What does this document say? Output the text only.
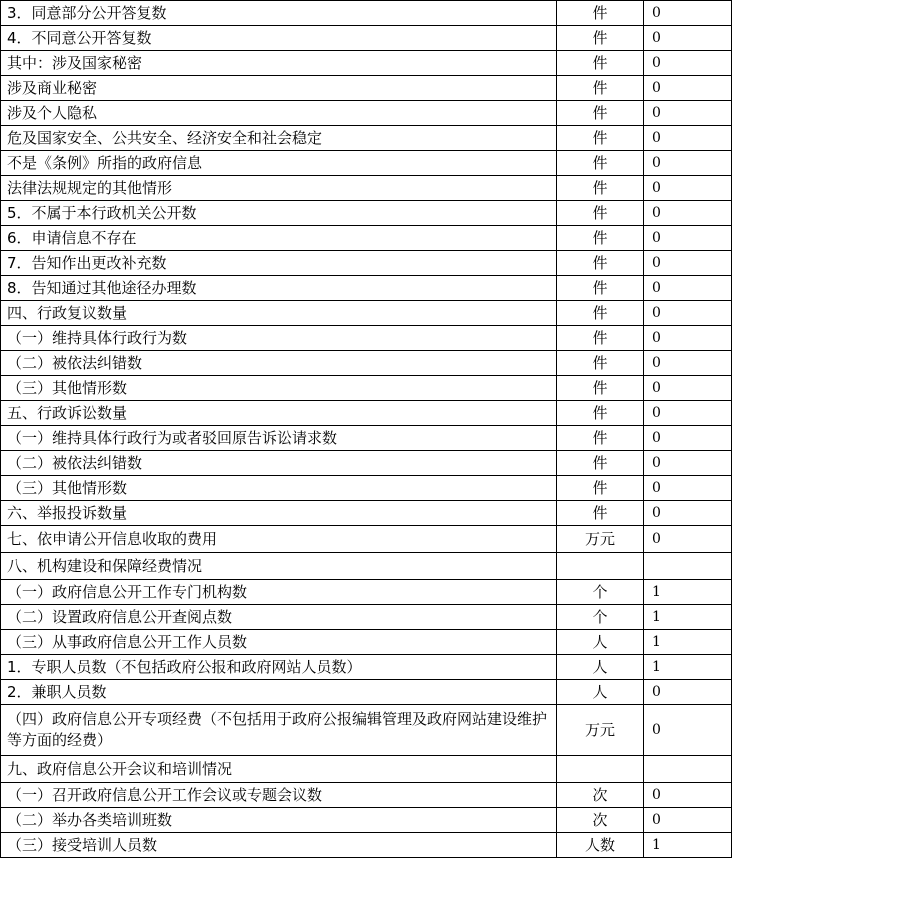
3．同意部分公开答复数	件	0
4．不同意公开答复数	件	0
其中：涉及国家秘密	件	0
涉及商业秘密	件	0
涉及个人隐私	件	0
危及国家安全、公共安全、经济安全和社会稳定	件	0
不是《条例》所指的政府信息	件	0
法律法规规定的其他情形	件	0
5．不属于本行政机关公开数	件	0
6．申请信息不存在	件	0
7．告知作出更改补充数	件	0
8．告知通过其他途径办理数	件	0
四、行政复议数量	件	0
（一）维持具体行政行为数	件	0
（二）被依法纠错数	件	0
（三）其他情形数	件	0
五、行政诉讼数量	件	0
（一）维持具体行政行为或者驳回原告诉讼请求数	件	0
（二）被依法纠错数	件	0
（三）其他情形数	件	0
六、举报投诉数量	件	0
七、依申请公开信息收取的费用	万元	0
八、机构建设和保障经费情况		
（一）政府信息公开工作专门机构数	个	1
（二）设置政府信息公开查阅点数	个	1
（三）从事政府信息公开工作人员数	人	1
1．专职人员数（不包括政府公报和政府网站人员数）	人	1
2．兼职人员数	人	0
（四）政府信息公开专项经费（不包括用于政府公报编辑管理及政府网站建设维护等方面的经费）	万元	0
九、政府信息公开会议和培训情况		
（一）召开政府信息公开工作会议或专题会议数	次	0
（二）举办各类培训班数	次	0
（三）接受培训人员数	人数	1
